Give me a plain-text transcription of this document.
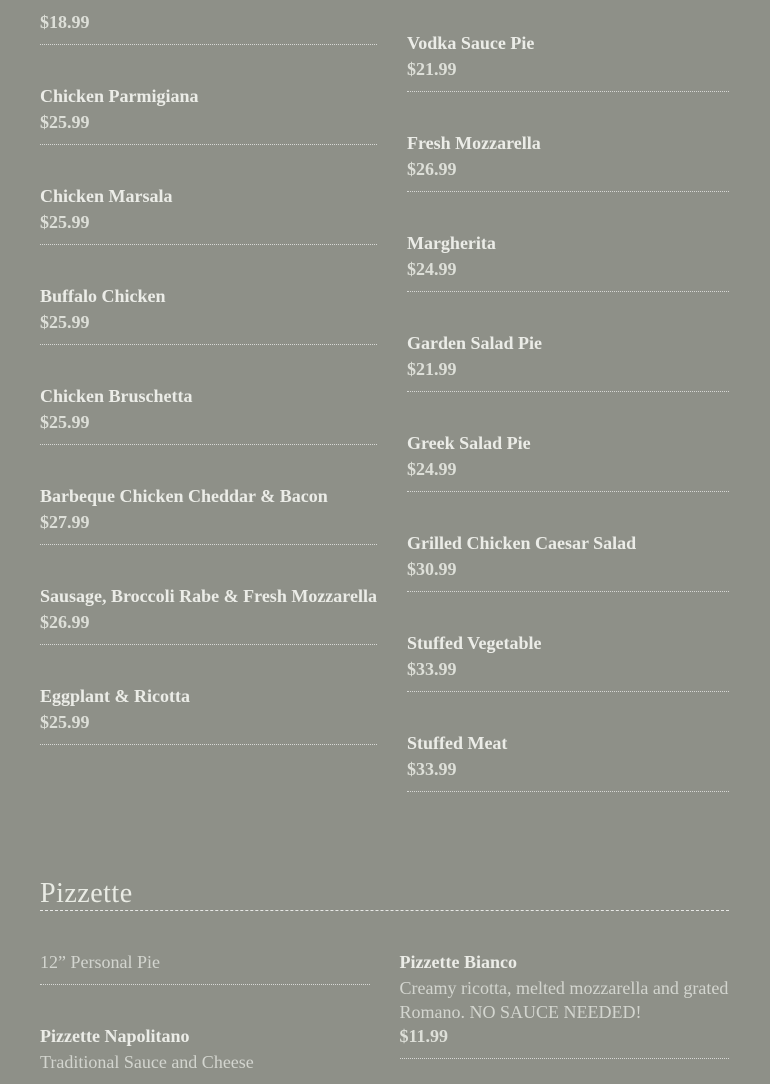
$18.99
Chicken Parmigiana
$25.99
Chicken Marsala
$25.99
Buffalo Chicken
$25.99
Chicken Bruschetta
$25.99
Barbeque Chicken Cheddar & Bacon
$27.99
Sausage, Broccoli Rabe & Fresh Mozzarella
$26.99
Eggplant & Ricotta
$25.99
Vodka Sauce Pie
$21.99
Fresh Mozzarella
$26.99
Margherita
$24.99
Garden Salad Pie
$21.99
Greek Salad Pie
$24.99
Grilled Chicken Caesar Salad
$30.99
Stuffed Vegetable
$33.99
Stuffed Meat
$33.99
Pizzette
12” Personal Pie
Pizzette Napolitano
Traditional Sauce and Cheese
Pizzette Bianco
Creamy ricotta, melted mozzarella and grated
Romano. NO SAUCE NEEDED!
$11.99
